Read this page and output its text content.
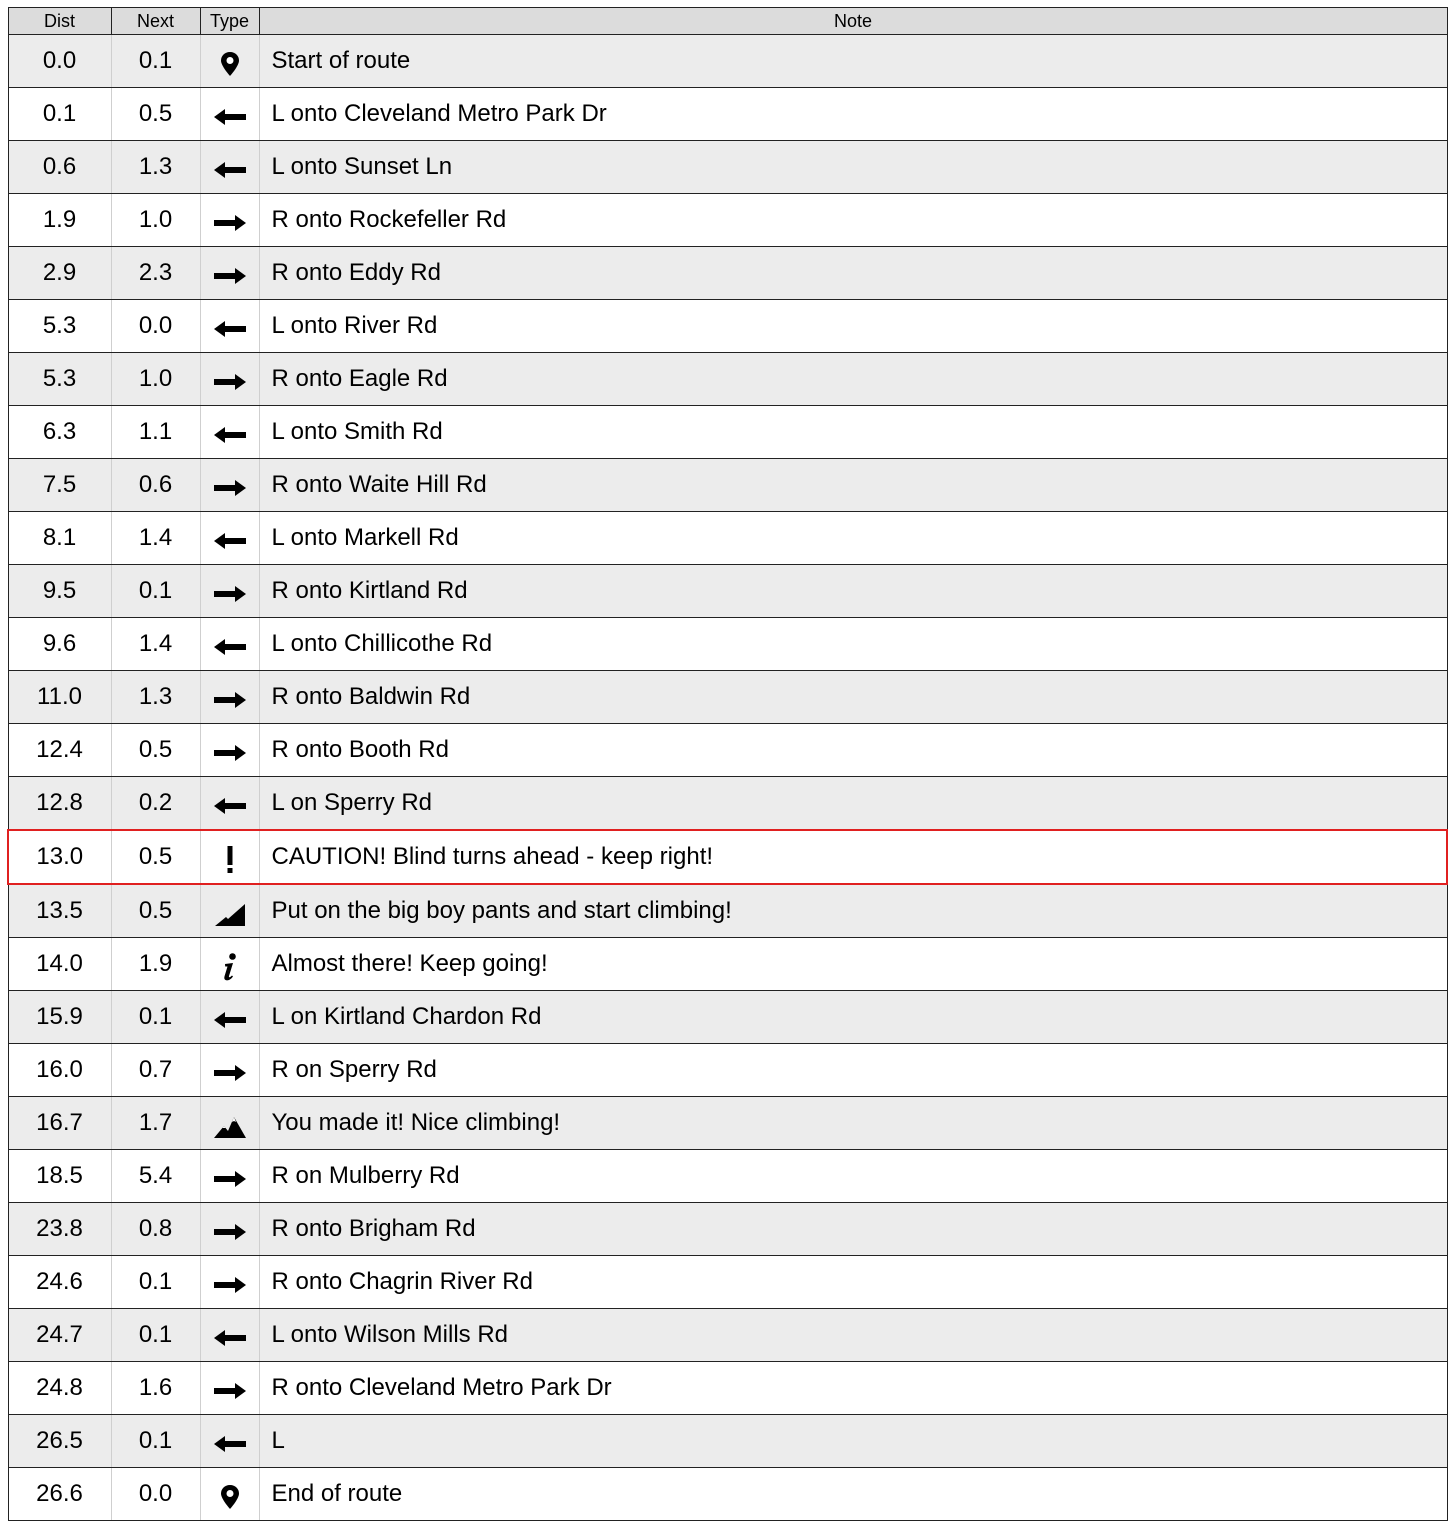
Dist	Next	Type	Note
0.0	0.1		Start of route
0.1	0.5		L onto Cleveland Metro Park Dr
0.6	1.3		L onto Sunset Ln
1.9	1.0		R onto Rockefeller Rd
2.9	2.3		R onto Eddy Rd
5.3	0.0		L onto River Rd
5.3	1.0		R onto Eagle Rd
6.3	1.1		L onto Smith Rd
7.5	0.6		R onto Waite Hill Rd
8.1	1.4		L onto Markell Rd
9.5	0.1		R onto Kirtland Rd
9.6	1.4		L onto Chillicothe Rd
11.0	1.3		R onto Baldwin Rd
12.4	0.5		R onto Booth Rd
12.8	0.2		L on Sperry Rd
13.0	0.5		CAUTION! Blind turns ahead - keep right!
13.5	0.5		Put on the big boy pants and start climbing!
14.0	1.9		Almost there! Keep going!
15.9	0.1		L on Kirtland Chardon Rd
16.0	0.7		R on Sperry Rd
16.7	1.7		You made it! Nice climbing!
18.5	5.4		R on Mulberry Rd
23.8	0.8		R onto Brigham Rd
24.6	0.1		R onto Chagrin River Rd
24.7	0.1		L onto Wilson Mills Rd
24.8	1.6		R onto Cleveland Metro Park Dr
26.5	0.1		L
26.6	0.0		End of route
